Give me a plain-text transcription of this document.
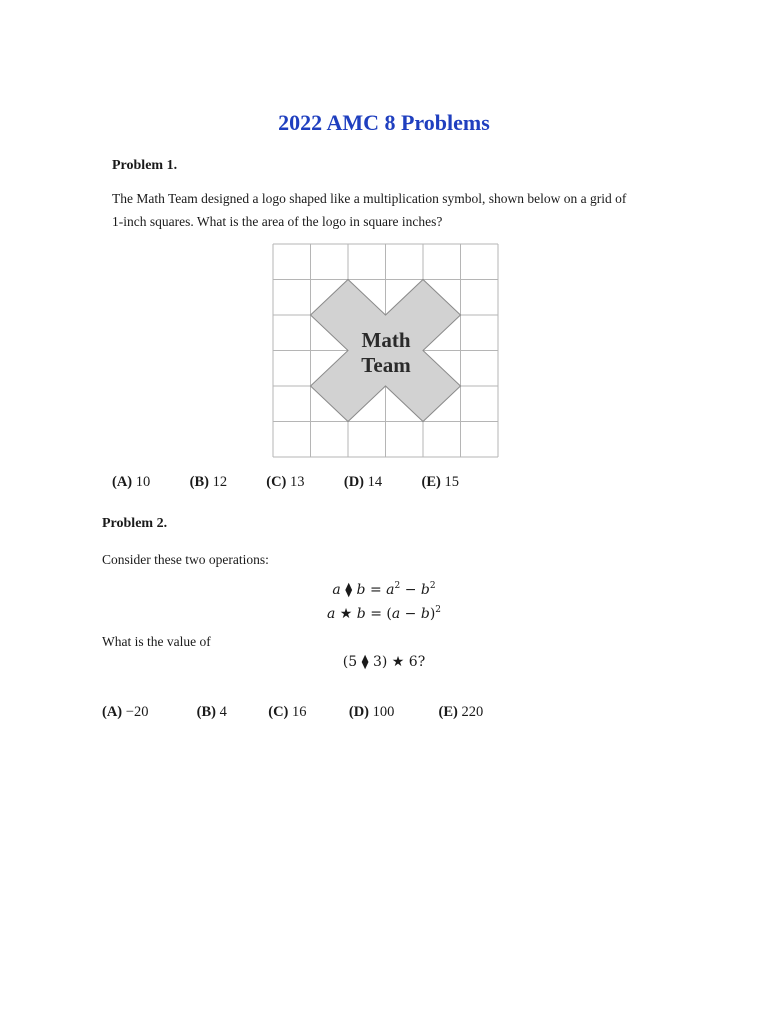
2022 AMC 8 Problems
Problem 1.
The Math Team designed a logo shaped like a multiplication symbol, shown below on a grid of
1-inch squares. What is the area of the logo in square inches?
Math
Team
(A) 10	(B) 12	(C) 13	(D) 14	(E) 15
Problem 2.
Consider these two operations:
a ⧫ $b = a^2 - b^2$
a ★ $b = (a - b)^2$
What is the value of
(5 ⧫ 3) ★ 6?
(A) −20	(B) 4	(C) 16	(D) 100	(E) 220
